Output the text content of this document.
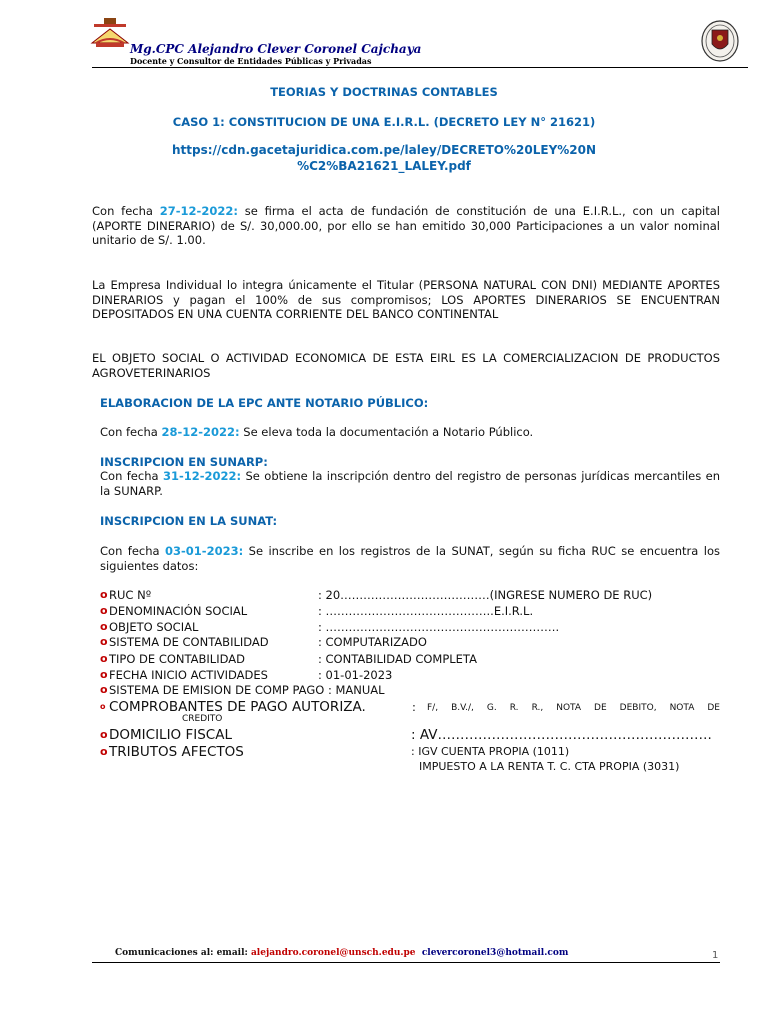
Mg.CPC Alejandro Clever Coronel Cajchaya
Docente y Consultor de Entidades Públicas y Privadas
TEORIAS Y DOCTRINAS CONTABLES
CASO 1: CONSTITUCION DE UNA E.I.R.L. (DECRETO LEY N° 21621)
https://cdn.gacetajuridica.com.pe/laley/DECRETO%20LEY%20N
%C2%BA21621_LALEY.pdf
Con fecha 27-12-2022: se firma el acta de fundación de constitución de una E.I.R.L., con un capital (APORTE DINERARIO) de S/. 30,000.00, por ello se han emitido 30,000 Participaciones a un valor nominal unitario de S/. 1.00.
La Empresa Individual lo integra únicamente el Titular (PERSONA NATURAL CON DNI) MEDIANTE APORTES DINERARIOS y pagan el 100% de sus compromisos; LOS APORTES DINERARIOS SE ENCUENTRAN DEPOSITADOS EN UNA CUENTA CORRIENTE DEL BANCO CONTINENTAL
EL OBJETO SOCIAL O ACTIVIDAD ECONOMICA DE ESTA EIRL ES LA COMERCIALIZACION DE PRODUCTOS AGROVETERINARIOS
ELABORACION DE LA EPC ANTE NOTARIO PÚBLICO:
Con fecha 28-12-2022: Se eleva toda la documentación a Notario Público.
INSCRIPCION EN SUNARP:
Con fecha 31-12-2022: Se obtiene la inscripción dentro del registro de personas jurídicas mercantiles en la SUNARP.
INSCRIPCION EN LA SUNAT:
Con fecha 03-01-2023: Se inscribe en los registros de la SUNAT, según su ficha RUC se encuentra los siguientes datos:
o RUC Nº	: 20…………………………………(INGRESE NUMERO DE RUC)
o DENOMINACIÓN SOCIAL	: ……………………………………..E.I.R.L.
o OBJETO SOCIAL	: …………………………………………………….
o SISTEMA DE CONTABILIDAD	: COMPUTARIZADO
o TIPO DE CONTABILIDAD	: CONTABILIDAD COMPLETA
o FECHA INICIO ACTIVIDADES	: 01-01-2023
o SISTEMA DE EMISION DE COMP PAGO : MANUAL
o COMPROBANTES DE PAGO AUTORIZA.	: F/, B.V./, G. R. R., NOTA DE DEBITO, NOTA DE
CREDITO
o DOMICILIO FISCAL	: AV…………………………………………………….
o TRIBUTOS AFECTOS	: IGV CUENTA PROPIA (1011)
IMPUESTO A LA RENTA T. C. CTA PROPIA (3031)
Comunicaciones al: email: alejandro.coronel@unsch.edu.pe clevercoronel3@hotmail.com	1
